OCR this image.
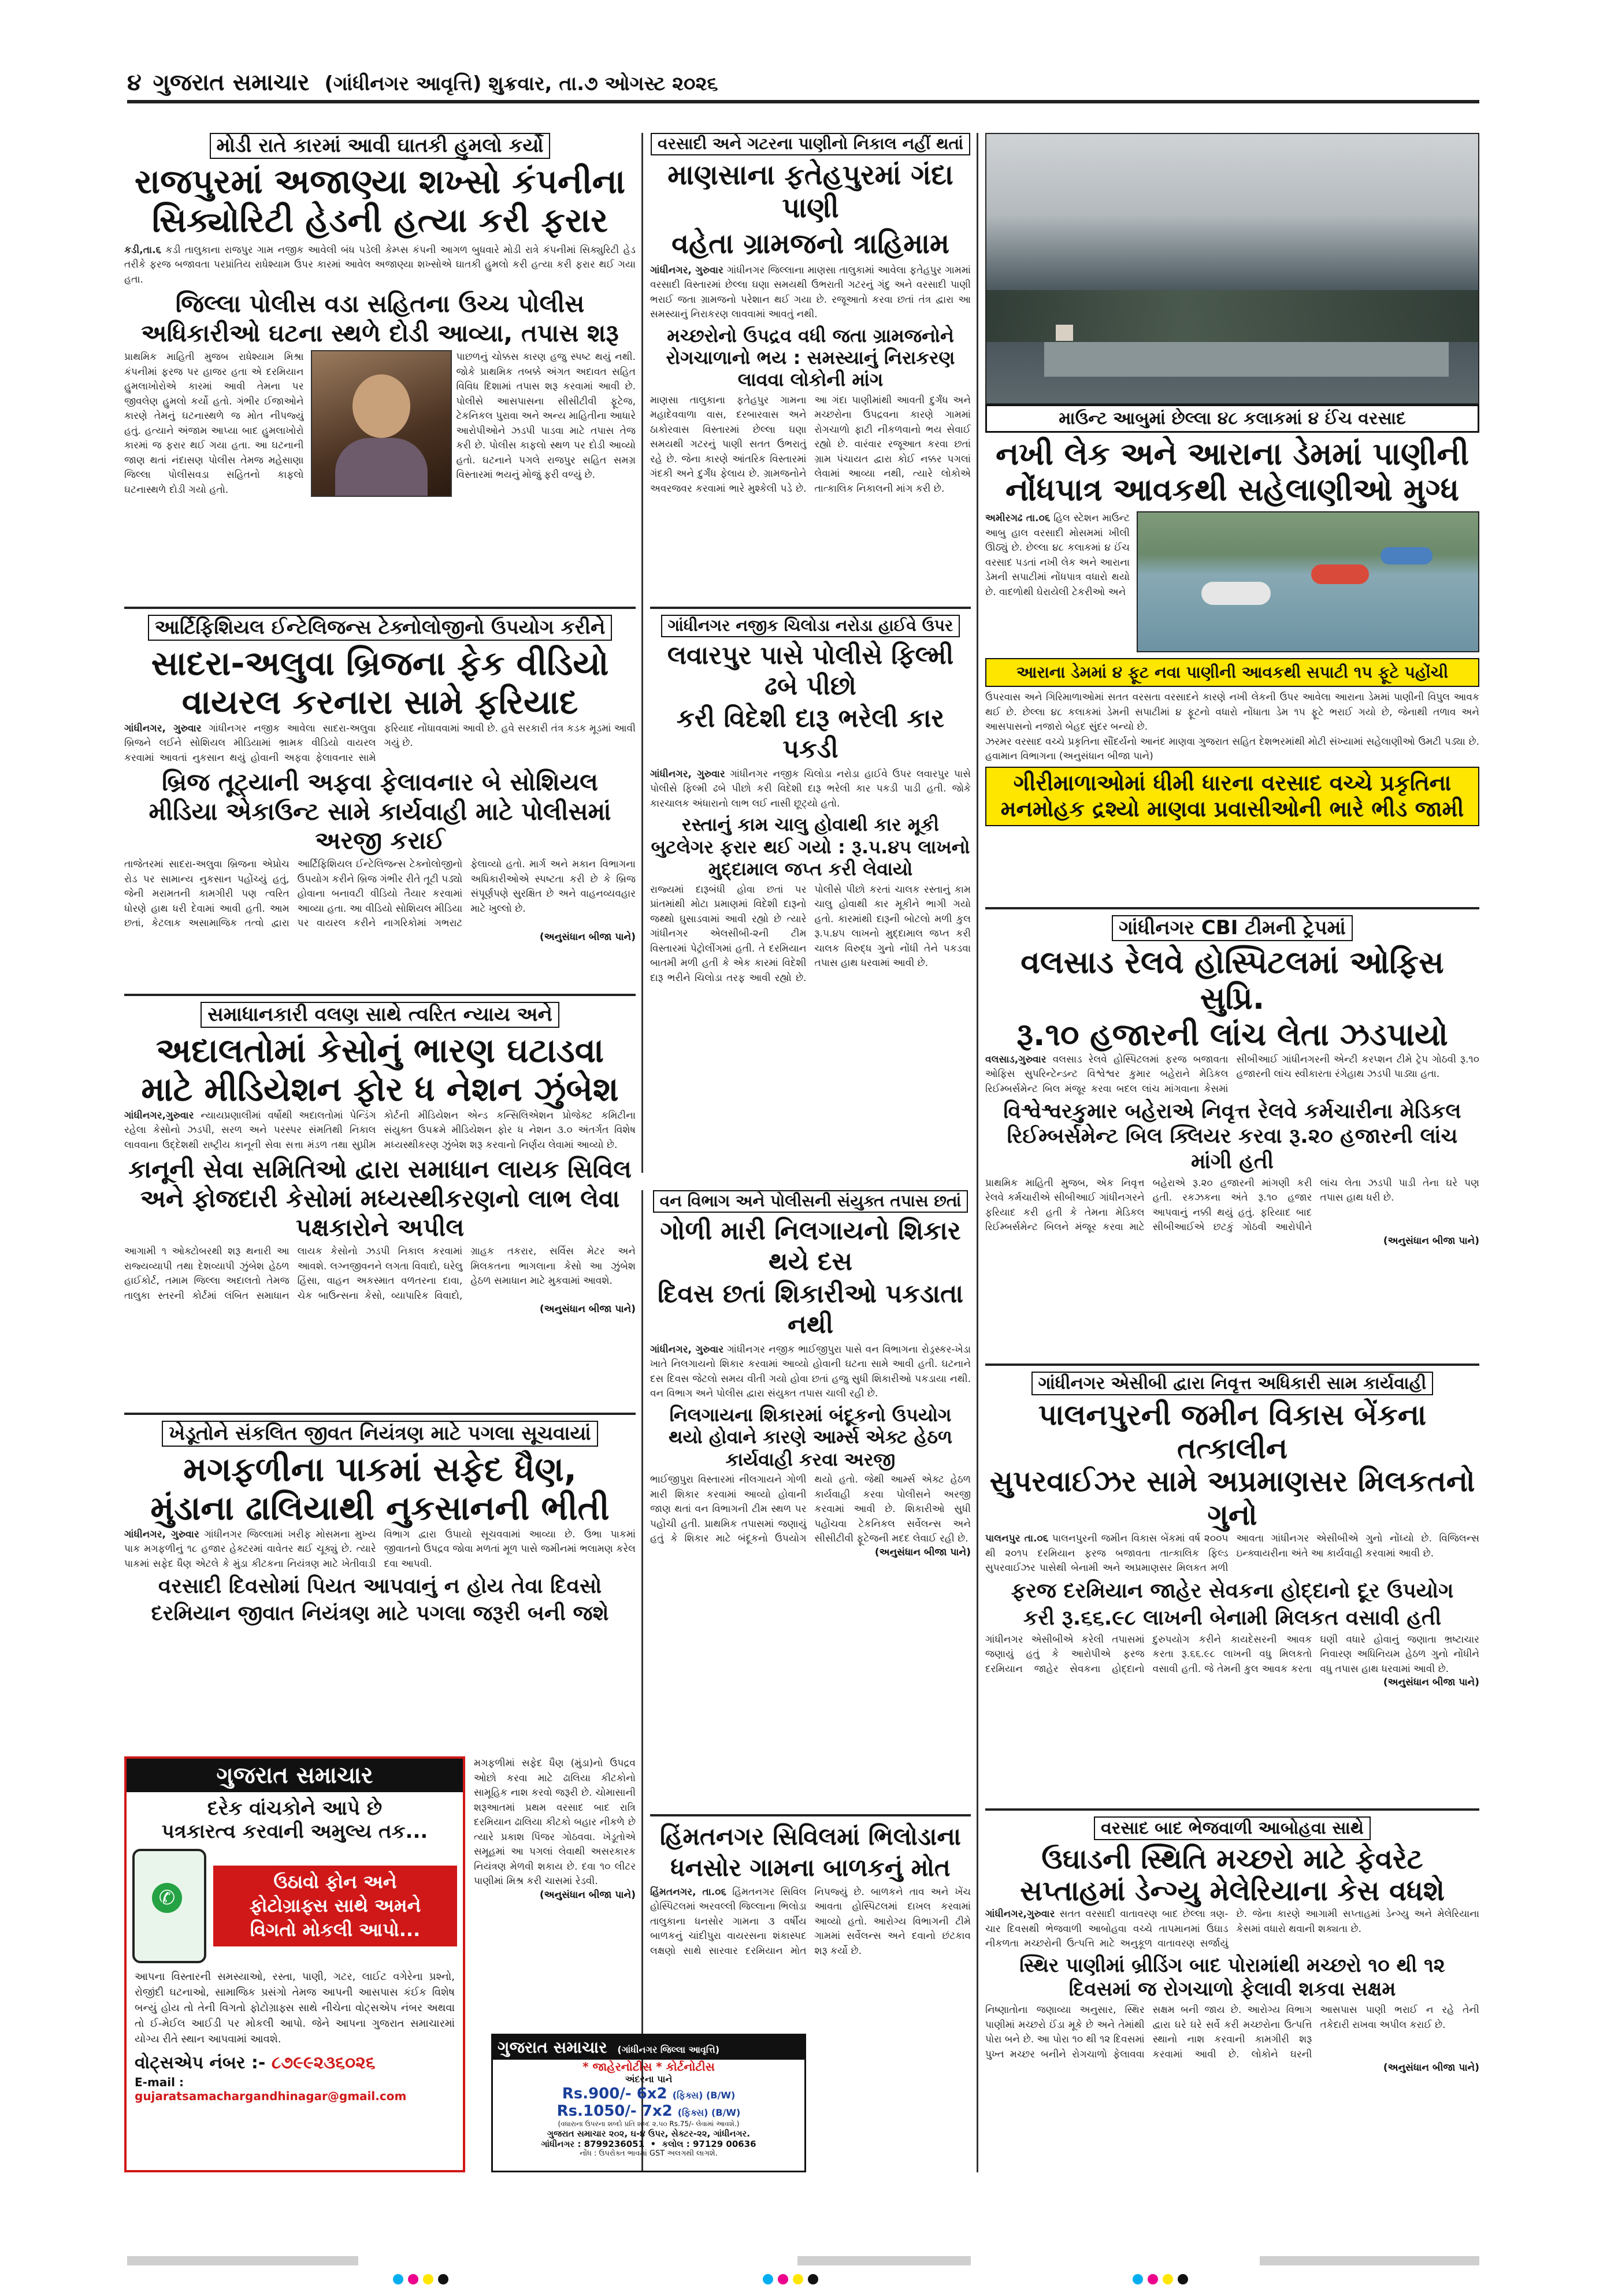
૪ ગુજરાત સમાચાર (ગાંધીનગર આવૃત્તિ) શુક્રવાર, તા.૭ ઓગસ્ટ ૨૦૨૬
મોડી રાતે કારમાં આવી ઘાતકી હુમલો કર્યો
રાજપુરમાં અજાણ્યા શખ્સો કંપનીના
સિક્યોરિટી હેડની હત્યા કરી ફરાર
કડી,તા.૬ કડી તાલુકાના રાજપુર ગામ નજીક આવેલી બંધ પડેલી કેમ્પ્સ કંપની આગળ બુધવારે મોડી રાત્રે કંપનીમાં સિક્યુરિટી હેડ તરીકે ફરજ બજાવતા પરપ્રાંતિય રાધેશ્યામ ઉપર કારમાં આવેલ અજાણ્યા શખ્સોએ ઘાતકી હુમલો કરી હત્યા કરી ફરાર થઈ ગયા હતા.
જિલ્લા પોલીસ વડા સહિતના ઉચ્ચ પોલીસ અધિકારીઓ ઘટના સ્થળે દોડી આવ્યા, તપાસ શરૂ
પ્રાથમિક માહિતી મુજબ રાધેશ્યામ મિશ્રા કંપનીમાં ફરજ પર હાજર હતા એ દરમિયાન હુમલાખોરોએ કારમાં આવી તેમના પર જીવલેણ હુમલો કર્યો હતો. ગંભીર ઈજાઓને કારણે તેમનું ઘટનાસ્થળે જ મોત નીપજ્યું હતું. હત્યાને અંજામ આપ્યા બાદ હુમલાખોરો કારમાં જ ફરાર થઈ ગયા હતા. આ ઘટનાની જાણ થતાં નંદાસણ પોલીસ તેમજ મહેસાણા જિલ્લા પોલીસવડા સહિતનો કાફલો ઘટનાસ્થળે દોડી ગયો હતો.
પાછળનું ચોક્કસ કારણ હજુ સ્પષ્ટ થયું નથી. જોકે પ્રાથમિક તબક્કે અંગત અદાવત સહિત વિવિધ દિશામાં તપાસ શરૂ કરવામાં આવી છે. પોલીસે આસપાસના સીસીટીવી ફૂટેજ, ટેકનિકલ પુરાવા અને અન્ય માહિતીના આધારે આરોપીઓને ઝડપી પાડવા માટે તપાસ તેજ કરી છે. પોલીસ કાફલો સ્થળ પર દોડી આવ્યો હતો. ઘટનાને પગલે રાજપુર સહિત સમગ્ર વિસ્તારમાં ભયનું મોજું ફરી વળ્યું છે.
આર્ટિફિશિયલ ઈન્ટેલિજન્સ ટેક્નોલોજીનો ઉપયોગ કરીને
સાદરા-અલુવા બ્રિજના ફેક વીડિયો
વાયરલ કરનારા સામે ફરિયાદ
ગાંધીનગર, ગુરુવાર ગાંધીનગર નજીક આવેલા સાદરા-અલુવા બ્રિજને લઈને સોશિયલ મીડિયામાં ભ્રામક વીડિયો વાયરલ કરવામાં આવતાં નુકસાન થયું હોવાની અફવા ફેલાવનાર સામે ફરિયાદ નોંધાવવામાં આવી છે. હવે સરકારી તંત્ર કડક મૂડમાં આવી ગયું છે.
બ્રિજ તૂટ્યાની અફવા ફેલાવનાર બે સોશિયલ મીડિયા એકાઉન્ટ સામે કાર્યવાહી માટે પોલીસમાં અરજી કરાઈ
તાજેતરમાં સાદરા-અલુવા બ્રિજના એપ્રોચ રોડ પર સામાન્ય નુકસાન પહોંચ્યું હતું, જેની મરામતની કામગીરી પણ ત્વરિત ધોરણે હાથ ધરી દેવામાં આવી હતી. આમ છતાં, કેટલાક અસામાજિક તત્વો દ્વારા આર્ટિફિશિયલ ઈન્ટેલિજન્સ ટેક્નોલોજીનો ઉપયોગ કરીને બ્રિજ ગંભીર રીતે તૂટી પડ્યો હોવાના બનાવટી વીડિયો તૈયાર કરવામાં આવ્યા હતા. આ વીડિયો સોશિયલ મીડિયા પર વાયરલ કરીને નાગરિકોમાં ગભરાટ ફેલાવ્યો હતો. માર્ગ અને મકાન વિભાગના અધિકારીઓએ સ્પષ્ટતા કરી છે કે બ્રિજ સંપૂર્ણપણે સુરક્ષિત છે અને વાહનવ્યવહાર માટે ખુલ્લો છે.
(અનુસંધાન બીજા પાને)
સમાધાનકારી વલણ સાથે ત્વરિત ન્યાય અને
અદાલતોમાં કેસોનું ભારણ ઘટાડવા
માટે મીડિયેશન ફોર ધ નેશન ઝુંબેશ
ગાંધીનગર,ગુરુવાર ન્યાયપ્રણાલીમાં વર્ષોથી અદાલતોમાં પેન્ડિંગ રહેલા કેસોનો ઝડપી, સરળ અને પરસ્પર સંમતિથી નિકાલ લાવવાના ઉદ્દેશથી રાષ્ટ્રીય કાનૂની સેવા સત્તા મંડળ તથા સુપ્રીમ કોર્ટની મીડિયેશન એન્ડ કન્સિલિએશન પ્રોજેક્ટ કમિટીના સંયુક્ત ઉપક્રમે મીડિયેશન ફોર ધ નેશન ૩.૦ અંતર્ગત વિશેષ મધ્યસ્થીકરણ ઝુંબેશ શરૂ કરવાનો નિર્ણય લેવામાં આવ્યો છે.
કાનૂની સેવા સમિતિઓ દ્વારા સમાધાન લાયક સિવિલ અને ફોજદારી કેસોમાં મધ્યસ્થીકરણનો લાભ લેવા પક્ષકારોને અપીલ
આગામી ૧ ઓક્ટોબરથી શરૂ થનારી આ રાજ્યવ્યાપી તથા દેશવ્યાપી ઝુંબેશ હેઠળ હાઈકોર્ટ, તમામ જિલ્લા અદાલતો તેમજ તાલુકા સ્તરની કોર્ટમાં લંબિત સમાધાન લાયક કેસોનો ઝડપી નિકાલ કરવામાં આવશે. લગ્નજીવનને લગતા વિવાદો, ઘરેલુ હિંસા, વાહન અકસ્માત વળતરના દાવા, ચેક બાઉન્સના કેસો, વ્યાપારિક વિવાદો, ગ્રાહક તકરાર, સર્વિસ મેટર અને મિલકતના ભાગલાના કેસો આ ઝુંબેશ હેઠળ સમાધાન માટે મુકવામાં આવશે.
(અનુસંધાન બીજા પાને)
ખેડૂતોને સંકલિત જીવત નિયંત્રણ માટે પગલા સૂચવાયાં
મગફળીના પાકમાં સફેદ ધૈણ,
મુંડાના ઢાલિયાથી નુકસાનની ભીતી
ગાંધીનગર, ગુરુવાર ગાંધીનગર જિલ્લામાં ખરીફ મોસમના મુખ્ય પાક મગફળીનું ૧૮ હજાર હેક્ટરમાં વાવેતર થઈ ચૂક્યું છે. ત્યારે પાકમાં સફેદ ધૈણ એટલે કે મુંડા કીટકના નિયંત્રણ માટે ખેતીવાડી વિભાગ દ્વારા ઉપાયો સૂચવવામાં આવ્યા છે. ઉભા પાકમાં જીવાતનો ઉપદ્રવ જોવા મળતાં મૂળ પાસે જમીનમાં ભલામણ કરેલ દવા આપવી.
વરસાદી દિવસોમાં પિયત આપવાનું ન હોય તેવા દિવસો
દરમિયાન જીવાત નિયંત્રણ માટે પગલા જરૂરી બની જશે
ગુજરાત સમાચાર
દરેક વાંચકોને આપે છે
પત્રકારત્વ કરવાની અમુલ્ય તક...
✆
ઉઠાવો ફોન અને
ફોટોગ્રાફ્સ સાથે અમને
વિગતો મોકલી આપો...
આપના વિસ્તારની સમસ્યાઓ, રસ્તા, પાણી, ગટર, લાઈટ વગેરેના પ્રશ્નો, રોજીંદી ઘટનાઓ, સામાજિક પ્રસંગો તેમજ આપની આસપાસ કંઈક વિશેષ બન્યું હોય તો તેની વિગતો ફોટોગ્રાફ્સ સાથે નીચેના વોટ્સએપ નંબર અથવા તો ઈ-મેઈલ આઈડી પર મોકલી આપો. જેને આપના ગુજરાત સમાચારમાં યોગ્ય રીતે સ્થાન આપવામાં આવશે.
વોટ્સએપ નંબર :- ૮૭૯૯૨૩૬૦૨૬
E-mail : gujaratsamachargandhinagar@gmail.com
મગફળીમાં સફેદ ધૈણ (મુંડા)નો ઉપદ્રવ ઓછો કરવા માટે ઢાલિયા કીટકોનો સામૂહિક નાશ કરવો જરૂરી છે. ચોમાસાની શરૂઆતમાં પ્રથમ વરસાદ બાદ રાત્રિ દરમિયાન ઢાલિયા કીટકો બહાર નીકળે છે ત્યારે પ્રકાશ પિંજર ગોઠવવા. ખેડૂતોએ સમૂહમાં આ પગલાં લેવાથી અસરકારક નિયંત્રણ મેળવી શકાય છે. દવા ૧૦ લીટર પાણીમાં મિશ્ર કરી ચાસમાં રેડવી.
(અનુસંધાન બીજા પાને)
વરસાદી અને ગટરના પાણીનો નિકાલ નહીં થતાં
માણસાના ફતેહપુરમાં ગંદા પાણી
વહેતા ગ્રામજનો ત્રાહિમામ
ગાંધીનગર, ગુરુવાર ગાંધીનગર જિલ્લાના માણસા તાલુકામાં આવેલા ફતેહપુર ગામમાં વરસાદી વિસ્તારમાં છેલ્લા ઘણા સમયથી ઉભરાતી ગટરનું ગંદુ અને વરસાદી પાણી ભરાઈ જતા ગ્રામજનો પરેશાન થઈ ગયા છે. રજૂઆતો કરવા છતાં તંત્ર દ્વારા આ સમસ્યાનું નિરાકરણ લાવવામાં આવતું નથી.
મચ્છરોનો ઉપદ્રવ વધી જતા ગ્રામજનોને રોગચાળાનો ભય : સમસ્યાનું નિરાકરણ લાવવા લોકોની માંગ
માણસા તાલુકાના ફતેહપુર ગામના મહાદેવવાળા વાસ, દરબારવાસ અને ઠાકોરવાસ વિસ્તારમાં છેલ્લા ઘણા સમયથી ગટરનું પાણી સતત ઉભરાતું રહે છે. જેના કારણે આંતરિક વિસ્તારમાં ગંદકી અને દુર્ગંધ ફેલાય છે. ગ્રામજનોને અવરજવર કરવામાં ભારે મુશ્કેલી પડે છે. આ ગંદા પાણીમાંથી આવતી દુર્ગંધ અને મચ્છરોના ઉપદ્રવના કારણે ગામમાં રોગચાળો ફાટી નીકળવાનો ભય સેવાઈ રહ્યો છે. વારંવાર રજૂઆત કરવા છતાં ગ્રામ પંચાયત દ્વારા કોઈ નક્કર પગલાં લેવામાં આવ્યા નથી, ત્યારે લોકોએ તાત્કાલિક નિકાલની માંગ કરી છે.
ગાંધીનગર નજીક ચિલોડા નરોડા હાઈવે ઉપર
લવારપુર પાસે પોલીસે ફિલ્મી ઢબે પીછો
કરી વિદેશી દારૂ ભરેલી કાર પકડી
ગાંધીનગર, ગુરુવાર ગાંધીનગર નજીક ચિલોડા નરોડા હાઈવે ઉપર લવારપુર પાસે પોલીસે ફિલ્મી ઢબે પીછો કરી વિદેશી દારૂ ભરેલી કાર પકડી પાડી હતી. જોકે કારચાલક અંધારાનો લાભ લઈ નાસી છૂટ્યો હતો.
રસ્તાનું કામ ચાલુ હોવાથી કાર મૂકી બુટલેગર ફરાર થઈ ગયો : રૂ.૫.૪૫ લાખનો મુદ્દામાલ જપ્ત કરી લેવાયો
રાજ્યમાં દારૂબંધી હોવા છતાં પર પ્રાંતમાંથી મોટા પ્રમાણમાં વિદેશી દારૂનો જથ્થો ઘુસાડવામાં આવી રહ્યો છે ત્યારે ગાંધીનગર એલસીબી-૨ની ટીમ વિસ્તારમાં પેટ્રોલીંગમાં હતી. તે દરમિયાન બાતમી મળી હતી કે એક કારમાં વિદેશી દારૂ ભરીને ચિલોડા તરફ આવી રહ્યો છે. પોલીસે પીછો કરતાં ચાલક રસ્તાનું કામ ચાલુ હોવાથી કાર મૂકીને ભાગી ગયો હતો. કારમાંથી દારૂની બોટલો મળી કુલ રૂ.૫.૪૫ લાખનો મુદ્દામાલ જપ્ત કરી ચાલક વિરુદ્ધ ગુનો નોંધી તેને પકડવા તપાસ હાથ ધરવામાં આવી છે.
વન વિભાગ અને પોલીસની સંયુક્ત તપાસ છતાં
ગોળી મારી નિલગાયનો શિકાર થયે દસ
દિવસ છતાં શિકારીઓ પકડાતા નથી
ગાંધીનગર, ગુરુવાર ગાંધીનગર નજીક ભાઈજીપુરા પાસે વન વિભાગના રોડ્રસ્કર-ખેડા ખાતે નિલગાયનો શિકાર કરવામાં આવ્યો હોવાની ઘટના સામે આવી હતી. ઘટનાને દસ દિવસ જેટલો સમય વીતી ગયો હોવા છતાં હજુ સુધી શિકારીઓ પકડાયા નથી. વન વિભાગ અને પોલીસ દ્વારા સંયુક્ત તપાસ ચાલી રહી છે.
નિલગાયના શિકારમાં બંદૂકનો ઉપયોગ થયો હોવાને કારણે આર્મ્સ એક્ટ હેઠળ કાર્યવાહી કરવા અરજી
ભાઈજીપુરા વિસ્તારમાં નીલગાયને ગોળી મારી શિકાર કરવામાં આવ્યો હોવાની જાણ થતાં વન વિભાગની ટીમ સ્થળ પર પહોંચી હતી. પ્રાથમિક તપાસમાં જણાયું હતું કે શિકાર માટે બંદૂકનો ઉપયોગ થયો હતો. જેથી આર્મ્સ એક્ટ હેઠળ કાર્યવાહી કરવા પોલીસને અરજી કરવામાં આવી છે. શિકારીઓ સુધી પહોંચવા ટેકનિકલ સર્વેલન્સ અને સીસીટીવી ફૂટેજની મદદ લેવાઈ રહી છે.
(અનુસંધાન બીજા પાને)
હિંમતનગર સિવિલમાં ભિલોડાના
ધનસોર ગામના બાળકનું મોત
હિંમતનગર, તા.૦૬ હિંમતનગર સિવિલ હોસ્પિટલમાં અરવલ્લી જિલ્લાના ભિલોડા તાલુકાના ધનસોર ગામના ૩ વર્ષીય બાળકનું ચાંદીપુરા વાયરસના શંકાસ્પદ લક્ષણો સાથે સારવાર દરમિયાન મોત નિપજ્યું છે. બાળકને તાવ અને ખેંચ આવતા હોસ્પિટલમાં દાખલ કરવામાં આવ્યો હતો. આરોગ્ય વિભાગની ટીમે ગામમાં સર્વેલન્સ અને દવાનો છંટકાવ શરૂ કર્યો છે.
ગુજરાત સમાચાર (ગાંધીનગર જિલ્લા આવૃત્તિ)
* જાહેરનોટીસ * કોર્ટનોટીસ
અંદરના પાને
Rs.900/- 6x2 (ફિક્સ) (B/W)
Rs.1050/- 7x2 (ફિક્સ) (B/W)
(વધારાના ઉપરના શબ્દો પ્રતિ શબ્દ ૨.૫૦ Rs.75/- લેવામાં આવશે.)
ગુજરાત સમાચાર ૨૦૨, ઘ-૪ ઉપર, સેક્ટર-૨૨, ગાંધીનગર.
ગાંધીનગર : 8799236051  •  કલોલ : 97129 00636
નોંધ : ઉપરોક્ત ભાવમાં GST અલગથી લાગશે.
માઉન્ટ આબુમાં છેલ્લા ૪૮ કલાકમાં ૪ ઈંચ વરસાદ
નખી લેક અને આરાના ડેમમાં પાણીની
નોંધપાત્ર આવકથી સહેલાણીઓ મુગ્ધ
અમીરગઢ તા.૦૬ હિલ સ્ટેશન માઉન્ટ આબુ હાલ વરસાદી મોસમમાં ખીલી ઊઠ્યું છે. છેલ્લા ૪૮ કલાકમાં ૪ ઈંચ વરસાદ પડતાં નખી લેક અને આરાના ડેમની સપાટીમાં નોંધપાત્ર વધારો થયો છે. વાદળોથી ઘેરાયેલી ટેકરીઓ અને
આરાના ડેમમાં ૪ ફૂટ નવા પાણીની આવકથી સપાટી ૧૫ ફૂટે પહોંચી
ઉપરવાસ અને ગિરિમાળાઓમાં સતત વરસતા વરસાદને કારણે નખી લેકની ઉપર આવેલા આરાના ડેમમાં પાણીની વિપુલ આવક થઈ છે. છેલ્લા ૪૮ કલાકમાં ડેમની સપાટીમાં ૪ ફૂટનો વધારો નોંધાતા ડેમ ૧૫ ફૂટે ભરાઈ ગયો છે, જેનાથી તળાવ અને આસપાસનો નજારો બેહદ સુંદર બન્યો છે.
ઝરમર વરસાદ વચ્ચે પ્રકૃતિના સૌંદર્યનો આનંદ માણવા ગુજરાત સહિત દેશભરમાંથી મોટી સંખ્યામાં સહેલાણીઓ ઉમટી પડ્યા છે. હવામાન વિભાગના (અનુસંધાન બીજા પાને)
ગીરીમાળાઓમાં ધીમી ધારના વરસાદ વચ્ચે પ્રકૃતિના મનમોહક દ્રશ્યો માણવા પ્રવાસીઓની ભારે ભીડ જામી
ગાંધીનગર CBI ટીમની ટ્રેપમાં
વલસાડ રેલવે હોસ્પિટલમાં ઓફિસ સુપ્રિ.
રૂ.૧૦ હજારની લાંચ લેતા ઝડપાયો
વલસાડ,ગુરુવાર વલસાડ રેલવે હોસ્પિટલમાં ફરજ બજાવતા ઓફિસ સુપરિન્ટેન્ડન્ટ વિશ્વેશ્વર કુમાર બહેરાને મેડિકલ રિઈમ્બર્સમેન્ટ બિલ મંજૂર કરવા બદલ લાંચ માંગવાના કેસમાં સીબીઆઈ ગાંધીનગરની એન્ટી કરપ્શન ટીમે ટ્રેપ ગોઠવી રૂ.૧૦ હજારની લાંચ સ્વીકારતા રંગેહાથ ઝડપી પાડ્યા હતા.
વિશ્વેશ્વરકુમાર બહેરાએ નિવૃત્ત રેલવે કર્મચારીના મેડિકલ રિઈમ્બર્સમેન્ટ બિલ ક્લિયર કરવા રૂ.૨૦ હજારની લાંચ માંગી હતી
પ્રાથમિક માહિતી મુજબ, એક નિવૃત્ત રેલવે કર્મચારીએ સીબીઆઈ ગાંધીનગરને ફરિયાદ કરી હતી કે તેમના મેડિકલ રિઈમ્બર્સમેન્ટ બિલને મંજૂર કરવા માટે બહેરાએ રૂ.૨૦ હજારની માંગણી કરી હતી. રકઝકના અંતે રૂ.૧૦ હજાર આપવાનું નક્કી થયું હતું. ફરિયાદ બાદ સીબીઆઈએ છટકું ગોઠવી આરોપીને લાંચ લેતા ઝડપી પાડી તેના ઘરે પણ તપાસ હાથ ધરી છે.
(અનુસંધાન બીજા પાને)
ગાંધીનગર એસીબી દ્વારા નિવૃત્ત અધિકારી સામ કાર્યવાહી
પાલનપુરની જમીન વિકાસ બેંકના તત્કાલીન
સુપરવાઈઝર સામે અપ્રમાણસર મિલકતનો ગુનો
પાલનપુર તા.૦૬ પાલનપુરની જમીન વિકાસ બેંકમાં વર્ષ ૨૦૦૫ થી ૨૦૧૫ દરમિયાન ફરજ બજાવતા તાત્કાલિક ફિલ્ડ સુપરવાઈઝર પાસેથી બેનામી અને અપ્રમાણસર મિલકત મળી આવતા ગાંધીનગર એસીબીએ ગુનો નોંધ્યો છે. વિજિલન્સ ઇન્ક્વાયરીના અંતે આ કાર્યવાહી કરવામાં આવી છે.
ફરજ દરમિયાન જાહેર સેવકના હોદ્દાનો દૂર ઉપયોગ
કરી રૂ.૬૬.૯૮ લાખની બેનામી મિલકત વસાવી હતી
ગાંધીનગર એસીબીએ કરેલી તપાસમાં જણાયું હતું કે આરોપીએ ફરજ દરમિયાન જાહેર સેવકના હોદ્દાનો દુરુપયોગ કરીને કાયદેસરની આવક કરતા રૂ.૬૬.૯૮ લાખની વધુ મિલકતો વસાવી હતી. જે તેમની કુલ આવક કરતા ઘણી વધારે હોવાનું જણાતા ભ્રષ્ટાચાર નિવારણ અધિનિયમ હેઠળ ગુનો નોંધીને વધુ તપાસ હાથ ધરવામાં આવી છે.
(અનુસંધાન બીજા પાને)
વરસાદ બાદ ભેજવાળી આબોહવા સાથે
ઉઘાડની સ્થિતિ મચ્છરો માટે ફેવરેટ
સપ્તાહમાં ડેન્ગ્યુ મેલેરિયાના કેસ વધશે
ગાંધીનગર,ગુરુવાર સતત વરસાદી વાતાવરણ બાદ છેલ્લા ત્રણ-ચાર દિવસથી ભેજવાળી આબોહવા વચ્ચે તાપમાનમાં ઉઘાડ નીકળતા મચ્છરોની ઉત્પત્તિ માટે અનુકૂળ વાતાવરણ સર્જાયું છે. જેના કારણે આગામી સપ્તાહમાં ડેન્ગ્યુ અને મેલેરિયાના કેસમાં વધારો થવાની શક્યતા છે.
સ્થિર પાણીમાં બ્રીડિંગ બાદ પોરામાંથી મચ્છરો ૧૦ થી ૧૨ દિવસમાં જ રોગચાળો ફેલાવી શકવા સક્ષમ
નિષ્ણાતોના જણાવ્યા અનુસાર, સ્થિર પાણીમાં મચ્છરો ઈંડા મૂકે છે અને તેમાંથી પોરા બને છે. આ પોરા ૧૦ થી ૧૨ દિવસમાં પુખ્ત મચ્છર બનીને રોગચાળો ફેલાવવા સક્ષમ બની જાય છે. આરોગ્ય વિભાગ દ્વારા ઘરે ઘરે સર્વે કરી મચ્છરોના ઉત્પત્તિ સ્થાનો નાશ કરવાની કામગીરી શરૂ કરવામાં આવી છે. લોકોને ઘરની આસપાસ પાણી ભરાઈ ન રહે તેની તકેદારી રાખવા અપીલ કરાઈ છે.
(અનુસંધાન બીજા પાને)
